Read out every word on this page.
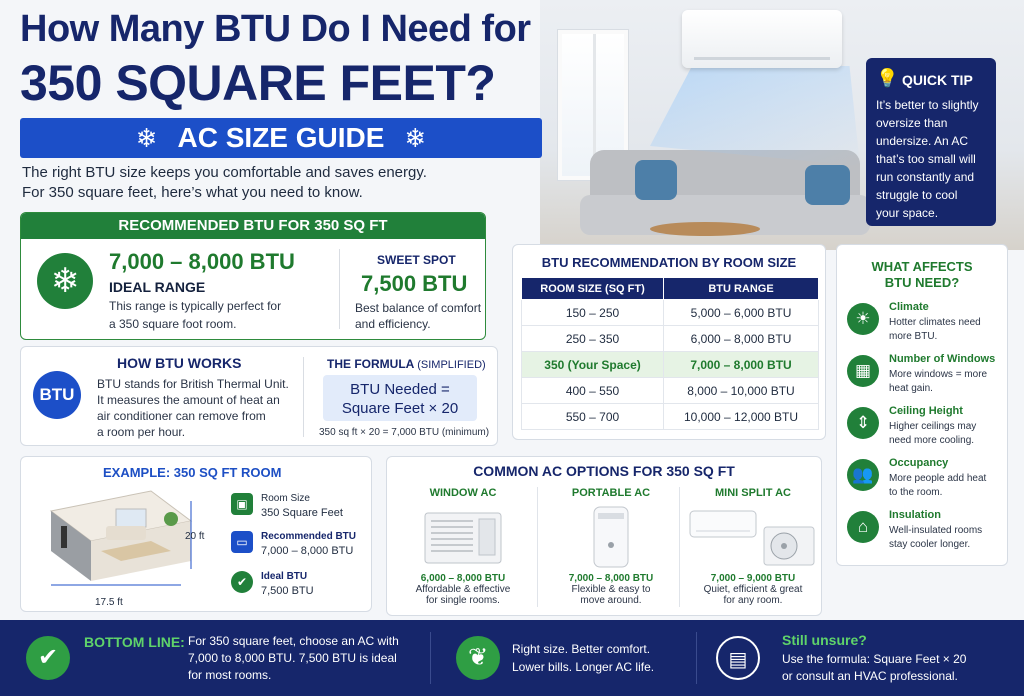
How Many BTU Do I Need for
350 SQUARE FEET?
❄ AC SIZE GUIDE ❄
The right BTU size keeps you comfortable and saves energy.
For 350 square feet, here’s what you need to know.
RECOMMENDED BTU FOR 350 SQ FT
❄
7,000 – 8,000 BTU
IDEAL RANGE
This range is typically perfect for
a 350 square foot room.
SWEET SPOT
7,500 BTU
Best balance of comfort
and efficiency.
HOW BTU WORKS
BTU
BTU stands for British Thermal Unit.
It measures the amount of heat an
air conditioner can remove from
a room per hour.
THE FORMULA (SIMPLIFIED)
BTU Needed =
Square Feet × 20
350 sq ft × 20 = 7,000 BTU (minimum)
BTU RECOMMENDATION BY ROOM SIZE
ROOM SIZE (SQ FT)	BTU RANGE
150 – 250	5,000 – 6,000 BTU
250 – 350	6,000 – 8,000 BTU
350 (Your Space)	7,000 – 8,000 BTU
400 – 550	8,000 – 10,000 BTU
550 – 700	10,000 – 12,000 BTU
💡 QUICK TIP
It’s better to slightly
oversize than
undersize. An AC
that’s too small will
run constantly and
struggle to cool
your space.
WHAT AFFECTS
BTU NEED?
☀
Climate
Hotter climates need
more BTU.
▦
Number of Windows
More windows = more
heat gain.
⇕
Ceiling Height
Higher ceilings may
need more cooling.
👥
Occupancy
More people add heat
to the room.
⌂
Insulation
Well-insulated rooms
stay cooler longer.
EXAMPLE: 350 SQ FT ROOM
20 ft
17.5 ft
▣	Room Size
350 Square Feet
▭	Recommended BTU
7,000 – 8,000 BTU
✔	Ideal BTU
7,500 BTU
COMMON AC OPTIONS FOR 350 SQ FT
WINDOW AC
6,000 – 8,000 BTU
Affordable & effective
for single rooms.
PORTABLE AC
7,000 – 8,000 BTU
Flexible & easy to
move around.
MINI SPLIT AC
7,000 – 9,000 BTU
Quiet, efficient & great
for any room.
✔
BOTTOM LINE: For 350 square feet, choose an AC with
7,000 to 8,000 BTU. 7,500 BTU is ideal
for most rooms.
❦	Right size. Better comfort.
Lower bills. Longer AC life.	▤
Still unsure?
Use the formula: Square Feet × 20
or consult an HVAC professional.
